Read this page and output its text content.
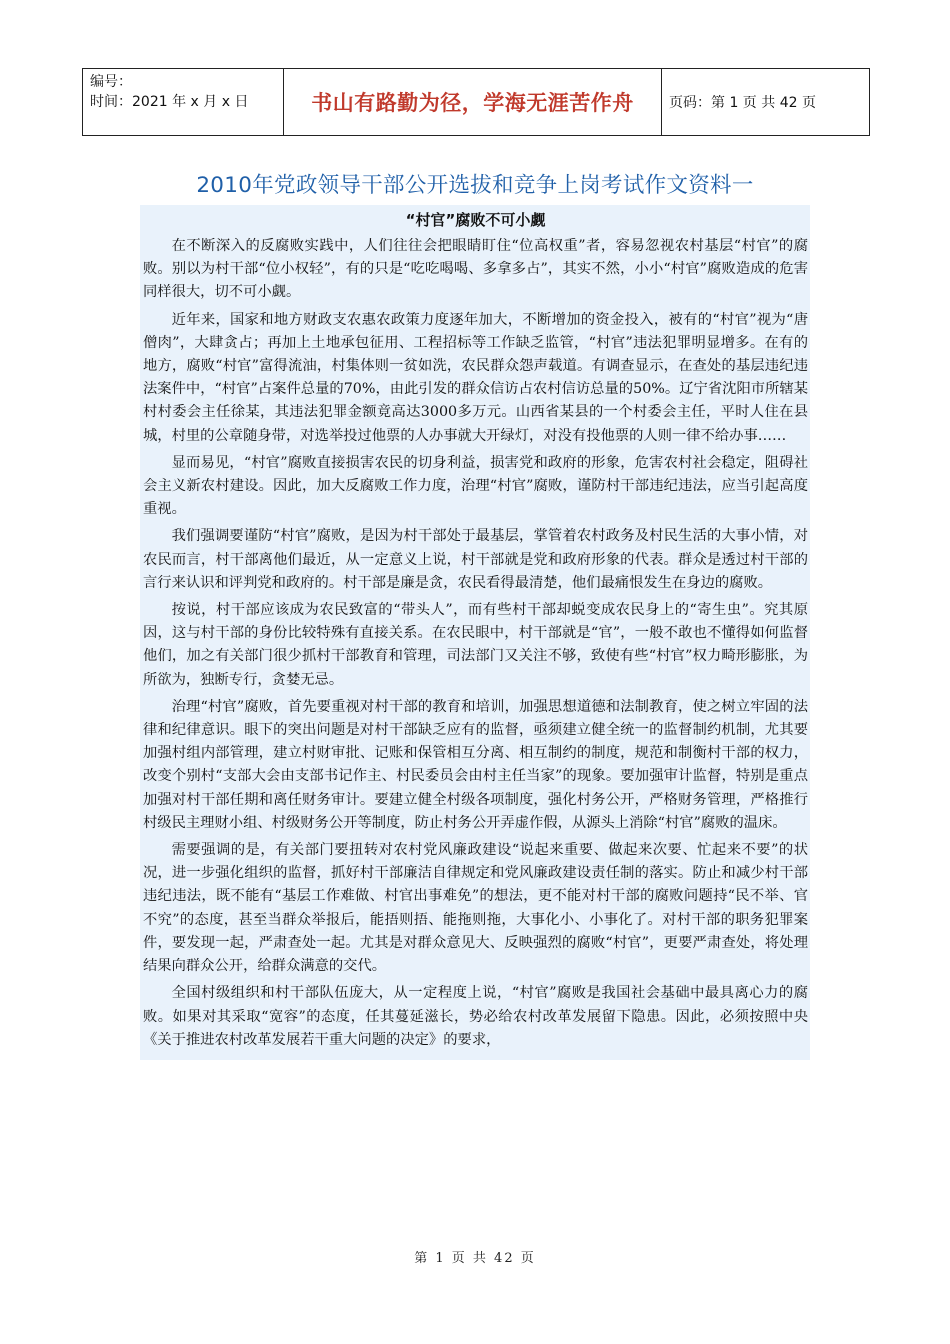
编号：
时间：2021 年 x 月 x 日	书山有路勤为径，学海无涯苦作舟	页码：第 1 页 共 42 页
2010年党政领导干部公开选拔和竞争上岗考试作文资料一

“村官”腐败不可小觑

在不断深入的反腐败实践中，人们往往会把眼睛盯住“位高权重”者，容易忽视农村基层“村官”的腐败。别以为村干部“位小权轻”，有的只是“吃吃喝喝、多拿多占”，其实不然，小小“村官”腐败造成的危害同样很大，切不可小觑。

近年来，国家和地方财政支农惠农政策力度逐年加大，不断增加的资金投入，被有的“村官”视为“唐僧肉”，大肆贪占；再加上土地承包征用、工程招标等工作缺乏监管，“村官”违法犯罪明显增多。在有的地方，腐败“村官”富得流油，村集体则一贫如洗，农民群众怨声载道。有调查显示，在查处的基层违纪违法案件中，“村官”占案件总量的70%，由此引发的群众信访占农村信访总量的50%。辽宁省沈阳市所辖某村村委会主任徐某，其违法犯罪金额竟高达3000多万元。山西省某县的一个村委会主任，平时人住在县城，村里的公章随身带，对选举投过他票的人办事就大开绿灯，对没有投他票的人则一律不给办事……

显而易见，“村官”腐败直接损害农民的切身利益，损害党和政府的形象，危害农村社会稳定，阻碍社会主义新农村建设。因此，加大反腐败工作力度，治理“村官”腐败，谨防村干部违纪违法，应当引起高度重视。

我们强调要谨防“村官”腐败，是因为村干部处于最基层，掌管着农村政务及村民生活的大事小情，对农民而言，村干部离他们最近，从一定意义上说，村干部就是党和政府形象的代表。群众是透过村干部的言行来认识和评判党和政府的。村干部是廉是贪，农民看得最清楚，他们最痛恨发生在身边的腐败。

按说，村干部应该成为农民致富的“带头人”，而有些村干部却蜕变成农民身上的“寄生虫”。究其原因，这与村干部的身份比较特殊有直接关系。在农民眼中，村干部就是“官”，一般不敢也不懂得如何监督他们，加之有关部门很少抓村干部教育和管理，司法部门又关注不够，致使有些“村官”权力畸形膨胀，为所欲为，独断专行，贪婪无忌。

治理“村官”腐败，首先要重视对村干部的教育和培训，加强思想道德和法制教育，使之树立牢固的法律和纪律意识。眼下的突出问题是对村干部缺乏应有的监督，亟须建立健全统一的监督制约机制，尤其要加强村组内部管理，建立村财审批、记账和保管相互分离、相互制约的制度，规范和制衡村干部的权力，改变个别村“支部大会由支部书记作主、村民委员会由村主任当家”的现象。要加强审计监督，特别是重点加强对村干部任期和离任财务审计。要建立健全村级各项制度，强化村务公开，严格财务管理，严格推行村级民主理财小组、村级财务公开等制度，防止村务公开弄虚作假，从源头上消除“村官”腐败的温床。

需要强调的是，有关部门要扭转对农村党风廉政建设“说起来重要、做起来次要、忙起来不要”的状况，进一步强化组织的监督，抓好村干部廉洁自律规定和党风廉政建设责任制的落实。防止和减少村干部违纪违法，既不能有“基层工作难做、村官出事难免”的想法，更不能对村干部的腐败问题持“民不举、官不究”的态度，甚至当群众举报后，能捂则捂、能拖则拖，大事化小、小事化了。对村干部的职务犯罪案件，要发现一起，严肃查处一起。尤其是对群众意见大、反映强烈的腐败“村官”，更要严肃查处，将处理结果向群众公开，给群众满意的交代。

全国村级组织和村干部队伍庞大，从一定程度上说，“村官”腐败是我国社会基础中最具离心力的腐败。如果对其采取“宽容”的态度，任其蔓延滋长，势必给农村改革发展留下隐患。因此，必须按照中央《关于推进农村改革发展若干重大问题的决定》的要求，

第 1 页 共 42 页
